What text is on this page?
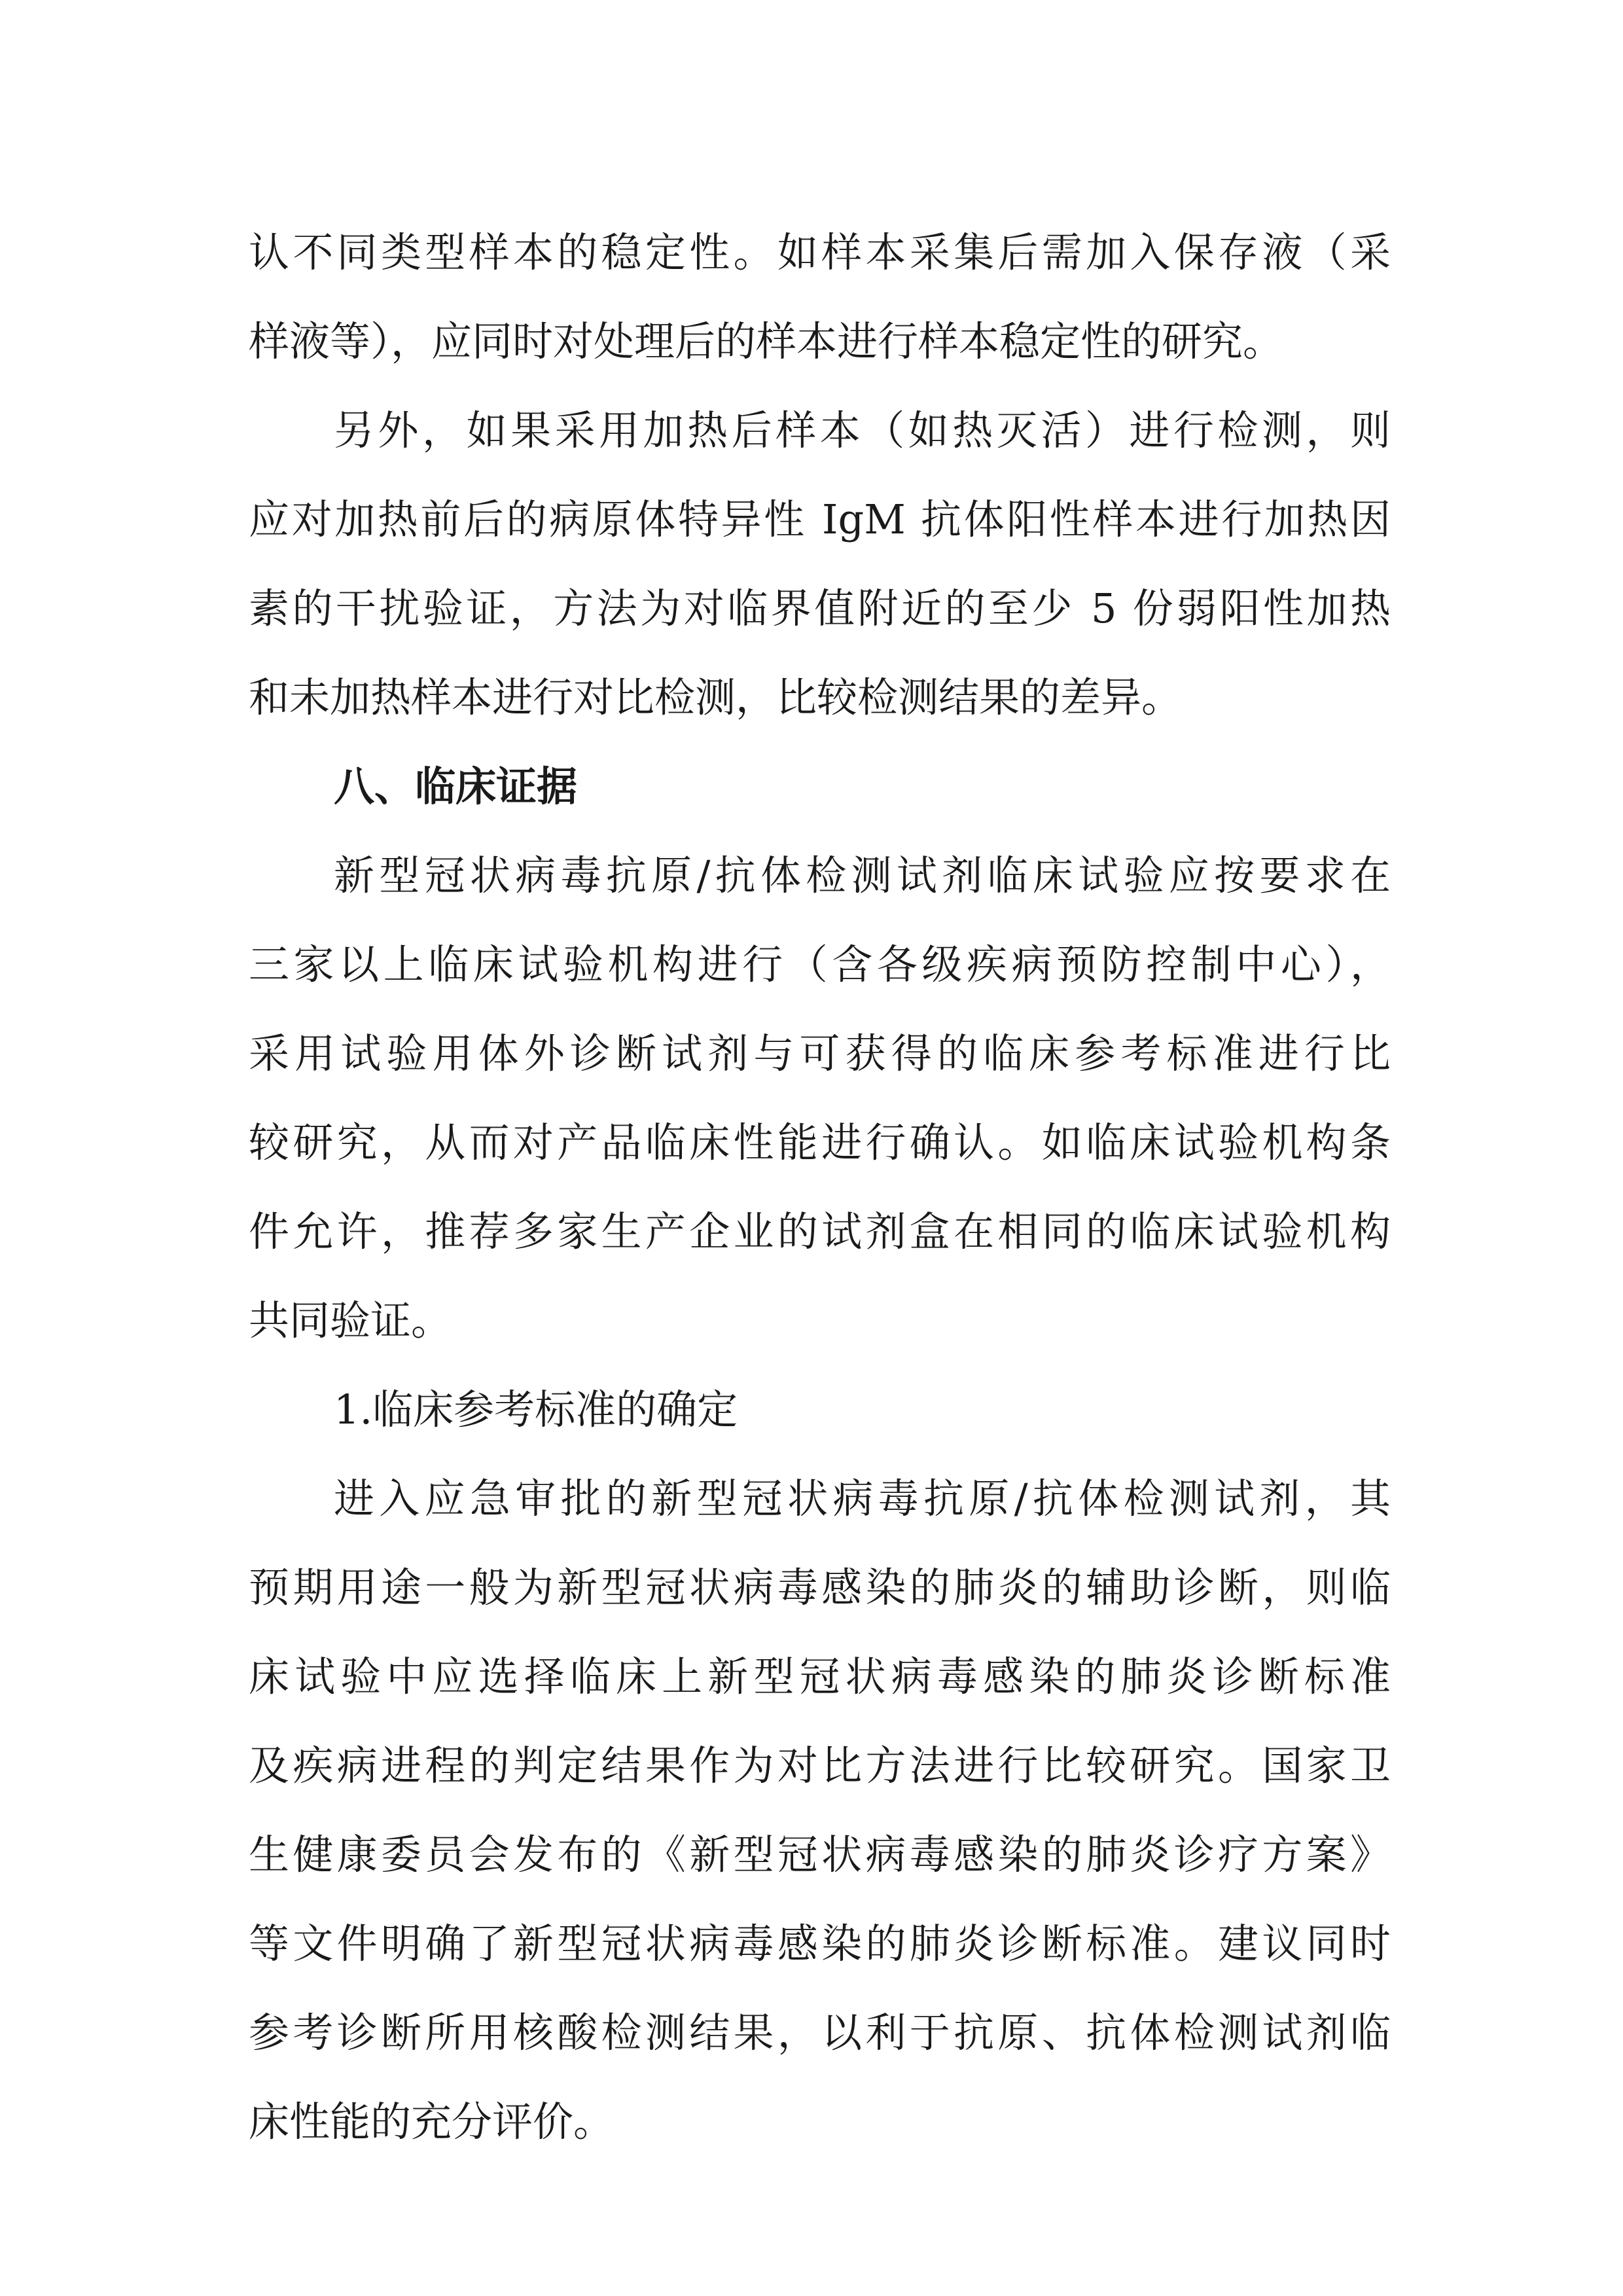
认不同类型样本的稳定性。如样本采集后需加入保存液（采
样液等），应同时对处理后的样本进行样本稳定性的研究。
另外，如果采用加热后样本（如热灭活）进行检测，则
应对加热前后的病原体特异性 IgM 抗体阳性样本进行加热因
素的干扰验证，方法为对临界值附近的至少 5 份弱阳性加热
和未加热样本进行对比检测，比较检测结果的差异。
八、临床证据
新型冠状病毒抗原/抗体检测试剂临床试验应按要求在
三家以上临床试验机构进行（含各级疾病预防控制中心），
采用试验用体外诊断试剂与可获得的临床参考标准进行比
较研究，从而对产品临床性能进行确认。如临床试验机构条
件允许，推荐多家生产企业的试剂盒在相同的临床试验机构
共同验证。
1.临床参考标准的确定
进入应急审批的新型冠状病毒抗原/抗体检测试剂，其
预期用途一般为新型冠状病毒感染的肺炎的辅助诊断，则临
床试验中应选择临床上新型冠状病毒感染的肺炎诊断标准
及疾病进程的判定结果作为对比方法进行比较研究。国家卫
生健康委员会发布的《新型冠状病毒感染的肺炎诊疗方案》
等文件明确了新型冠状病毒感染的肺炎诊断标准。建议同时
参考诊断所用核酸检测结果，以利于抗原、抗体检测试剂临
床性能的充分评价。
